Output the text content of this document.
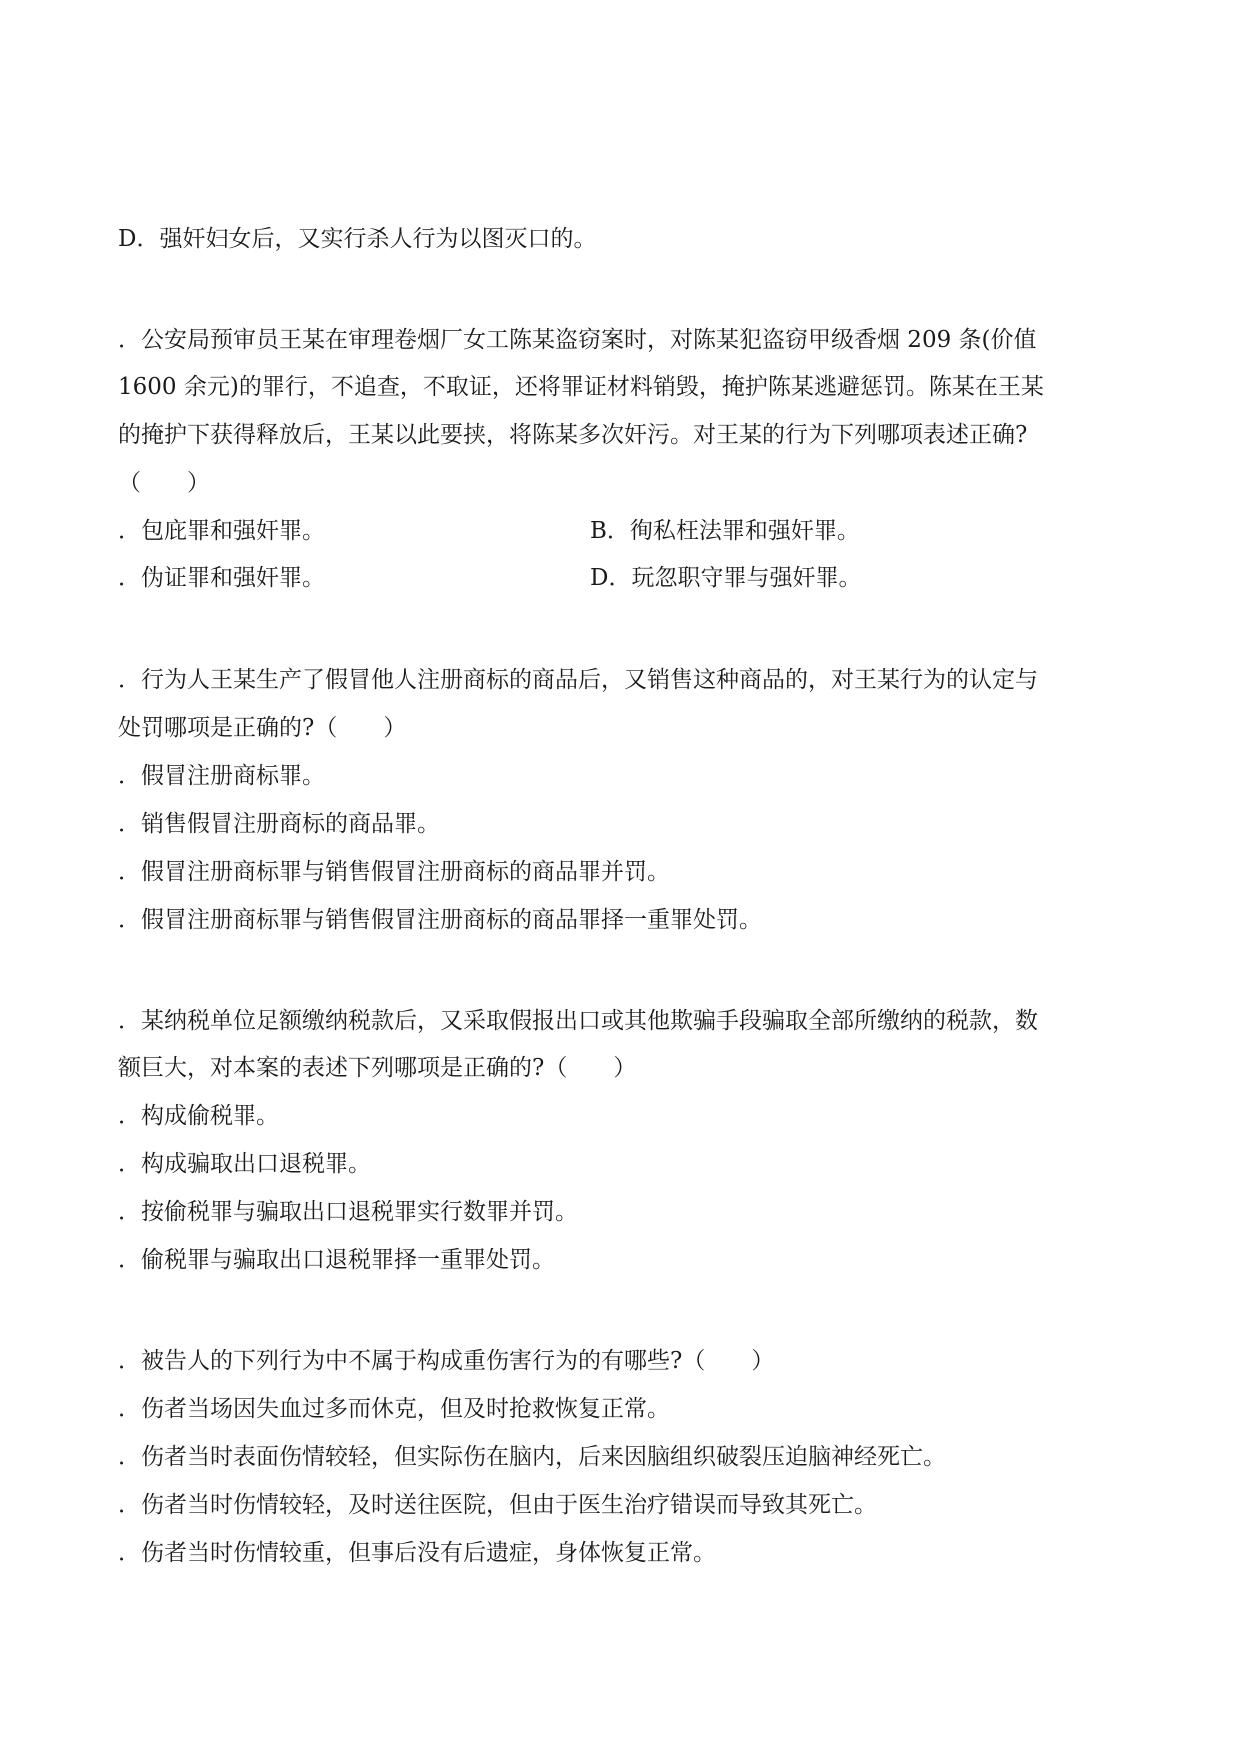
D．强奸妇女后，又实行杀人行为以图灭口的。
．公安局预审员王某在审理卷烟厂女工陈某盗窃案时，对陈某犯盗窃甲级香烟 209 条(价值
1600 余元)的罪行，不追查，不取证，还将罪证材料销毁，掩护陈某逃避惩罚。陈某在王某
的掩护下获得释放后，王某以此要挟，将陈某多次奸污。对王某的行为下列哪项表述正确?
（　　）
．包庇罪和强奸罪。	B．徇私枉法罪和强奸罪。
．伪证罪和强奸罪。	D．玩忽职守罪与强奸罪。
．行为人王某生产了假冒他人注册商标的商品后，又销售这种商品的，对王某行为的认定与
处罚哪项是正确的?（　　）
．假冒注册商标罪。
．销售假冒注册商标的商品罪。
．假冒注册商标罪与销售假冒注册商标的商品罪并罚。
．假冒注册商标罪与销售假冒注册商标的商品罪择一重罪处罚。
．某纳税单位足额缴纳税款后，又采取假报出口或其他欺骗手段骗取全部所缴纳的税款，数
额巨大，对本案的表述下列哪项是正确的?（　　）
．构成偷税罪。
．构成骗取出口退税罪。
．按偷税罪与骗取出口退税罪实行数罪并罚。
．偷税罪与骗取出口退税罪择一重罪处罚。
．被告人的下列行为中不属于构成重伤害行为的有哪些?（　　）
．伤者当场因失血过多而休克，但及时抢救恢复正常。
．伤者当时表面伤情较轻，但实际伤在脑内，后来因脑组织破裂压迫脑神经死亡。
．伤者当时伤情较轻，及时送往医院，但由于医生治疗错误而导致其死亡。
．伤者当时伤情较重，但事后没有后遗症，身体恢复正常。
